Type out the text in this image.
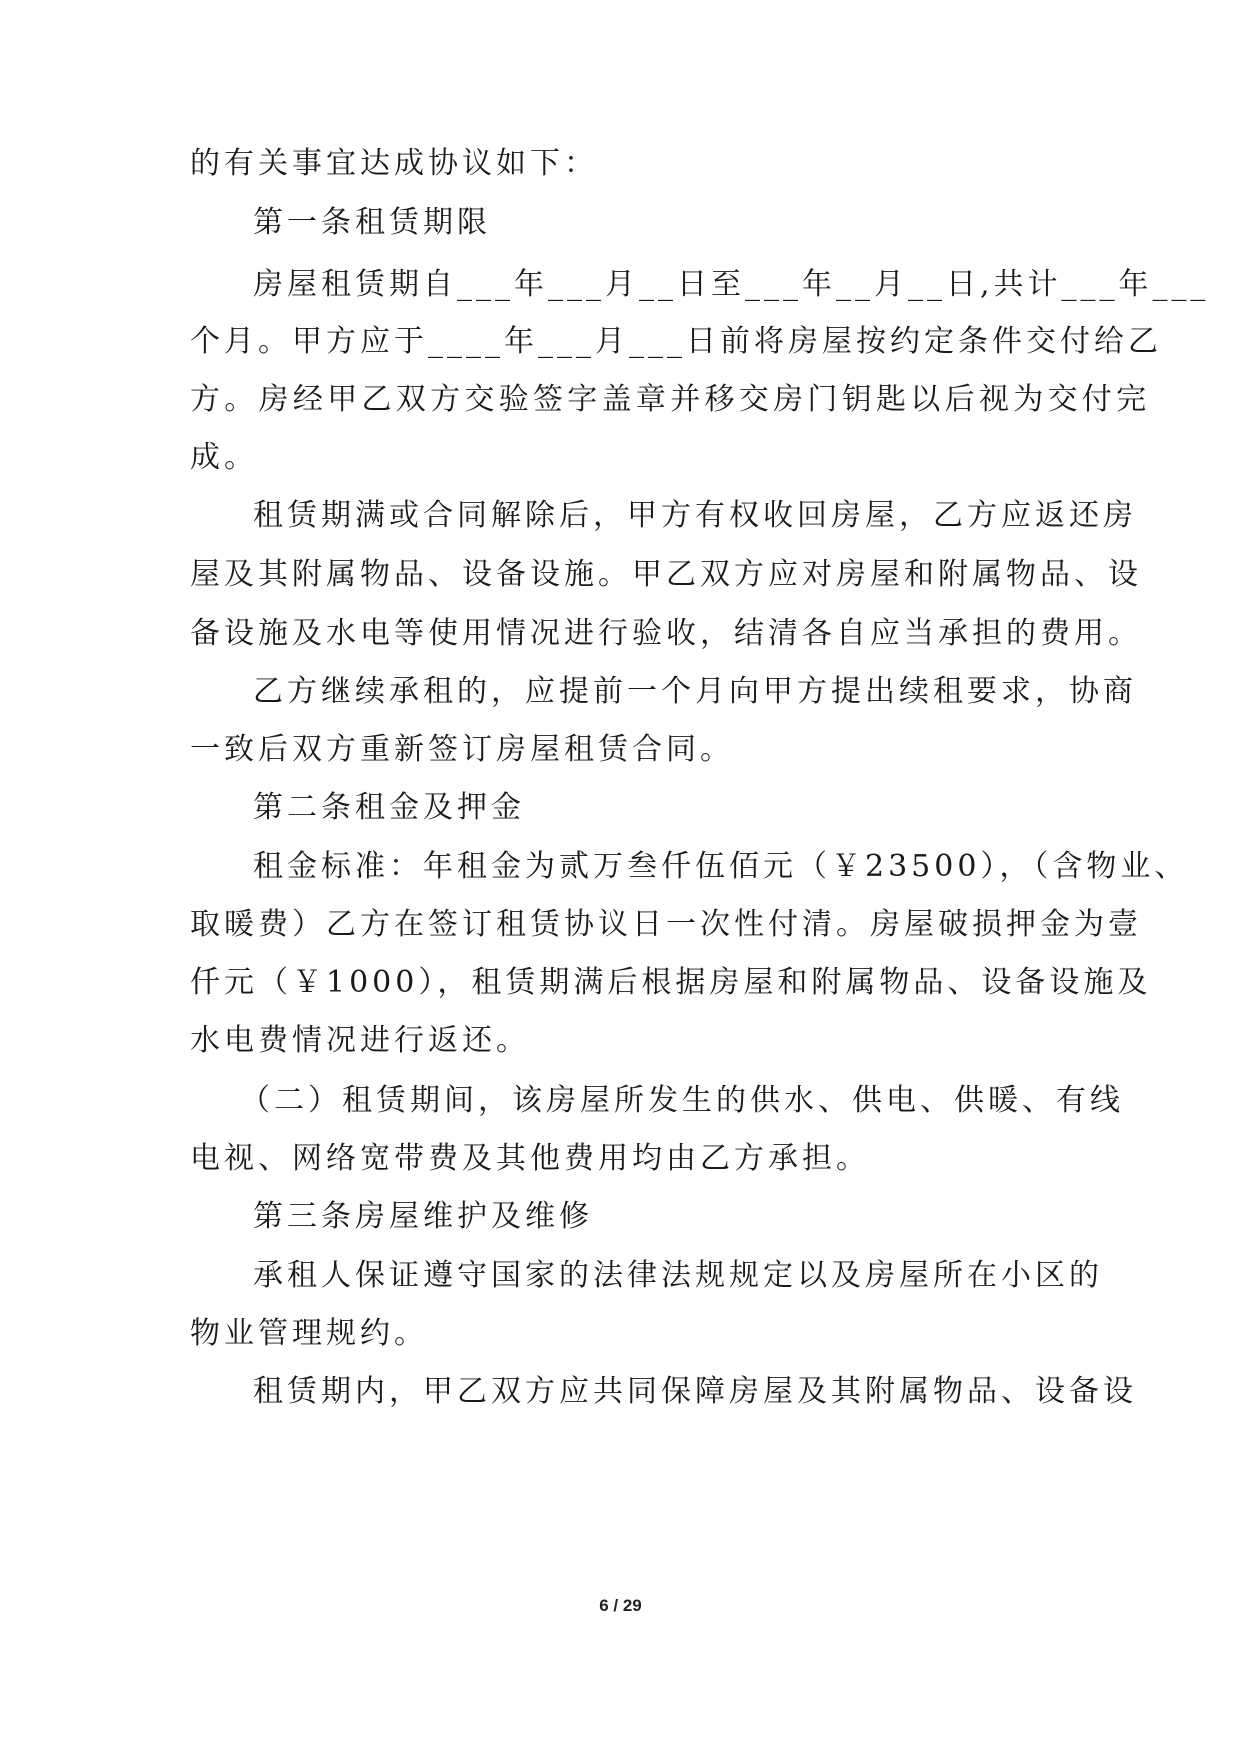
的有关事宜达成协议如下：
第一条租赁期限
房屋租赁期自___年___月__日至___年__月__日,共计___年___
个月。甲方应于____年___月___日前将房屋按约定条件交付给乙
方。房经甲乙双方交验签字盖章并移交房门钥匙以后视为交付完
成。
租赁期满或合同解除后，甲方有权收回房屋，乙方应返还房
屋及其附属物品、设备设施。甲乙双方应对房屋和附属物品、设
备设施及水电等使用情况进行验收，结清各自应当承担的费用。
乙方继续承租的，应提前一个月向甲方提出续租要求，协商
一致后双方重新签订房屋租赁合同。
第二条租金及押金
租金标准：年租金为贰万叁仟伍佰元（￥23500），（含物业、
取暖费）乙方在签订租赁协议日一次性付清。房屋破损押金为壹
仟元（￥1000），租赁期满后根据房屋和附属物品、设备设施及
水电费情况进行返还。
（二）租赁期间，该房屋所发生的供水、供电、供暖、有线
电视、网络宽带费及其他费用均由乙方承担。
第三条房屋维护及维修
承租人保证遵守国家的法律法规规定以及房屋所在小区的
物业管理规约。
租赁期内，甲乙双方应共同保障房屋及其附属物品、设备设
6 / 29
